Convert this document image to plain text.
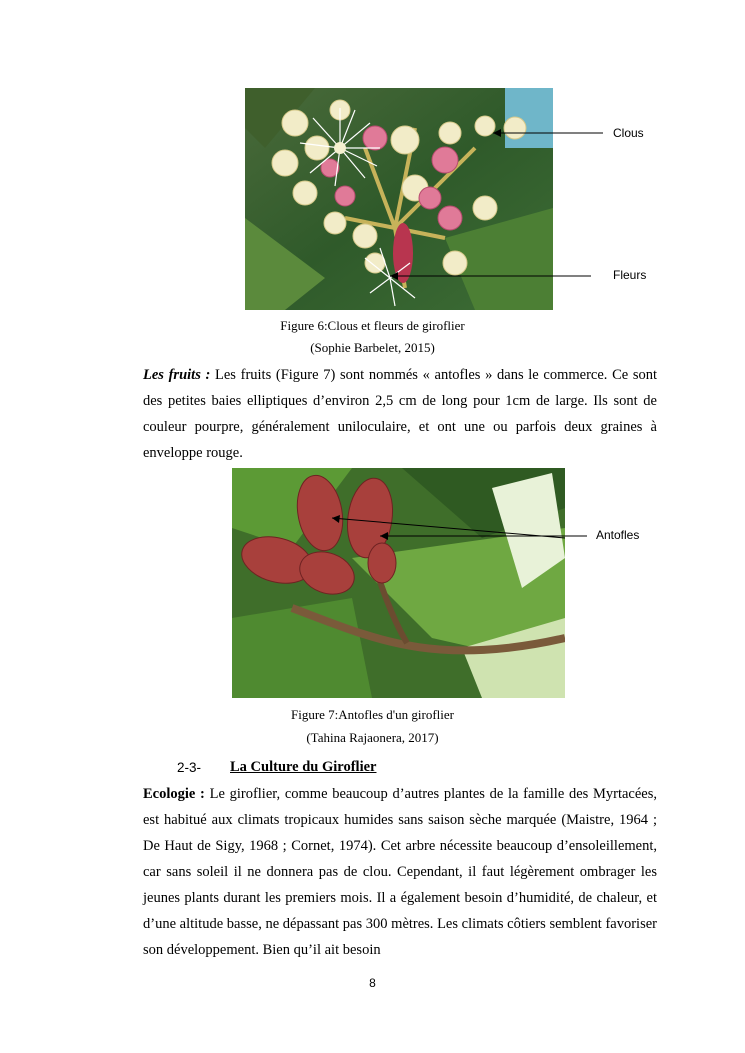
Clous
Fleurs
Figure 6:Clous et fleurs de giroflier
(Sophie Barbelet, 2015)
Les fruits : Les fruits (Figure 7) sont nommés « antofles » dans le commerce. Ce sont des petites baies elliptiques d’environ 2,5 cm de long pour 1cm de large. Ils sont de couleur pourpre, généralement uniloculaire, et ont une ou parfois deux graines à enveloppe rouge.
Antofles
Figure 7:Antofles d'un giroflier
(Tahina Rajaonera, 2017)
2-3- La Culture du Giroflier
Ecologie : Le giroflier, comme beaucoup d’autres plantes de la famille des Myrtacées, est habitué aux climats tropicaux humides sans saison sèche marquée (Maistre, 1964 ; De Haut de Sigy, 1968 ; Cornet, 1974). Cet arbre nécessite beaucoup d’ensoleillement, car sans soleil il ne donnera pas de clou. Cependant, il faut légèrement ombrager les jeunes plants durant les premiers mois. Il a également besoin d’humidité, de chaleur, et d’une altitude basse, ne dépassant pas 300 mètres. Les climats côtiers semblent favoriser son développement. Bien qu’il ait besoin
8
